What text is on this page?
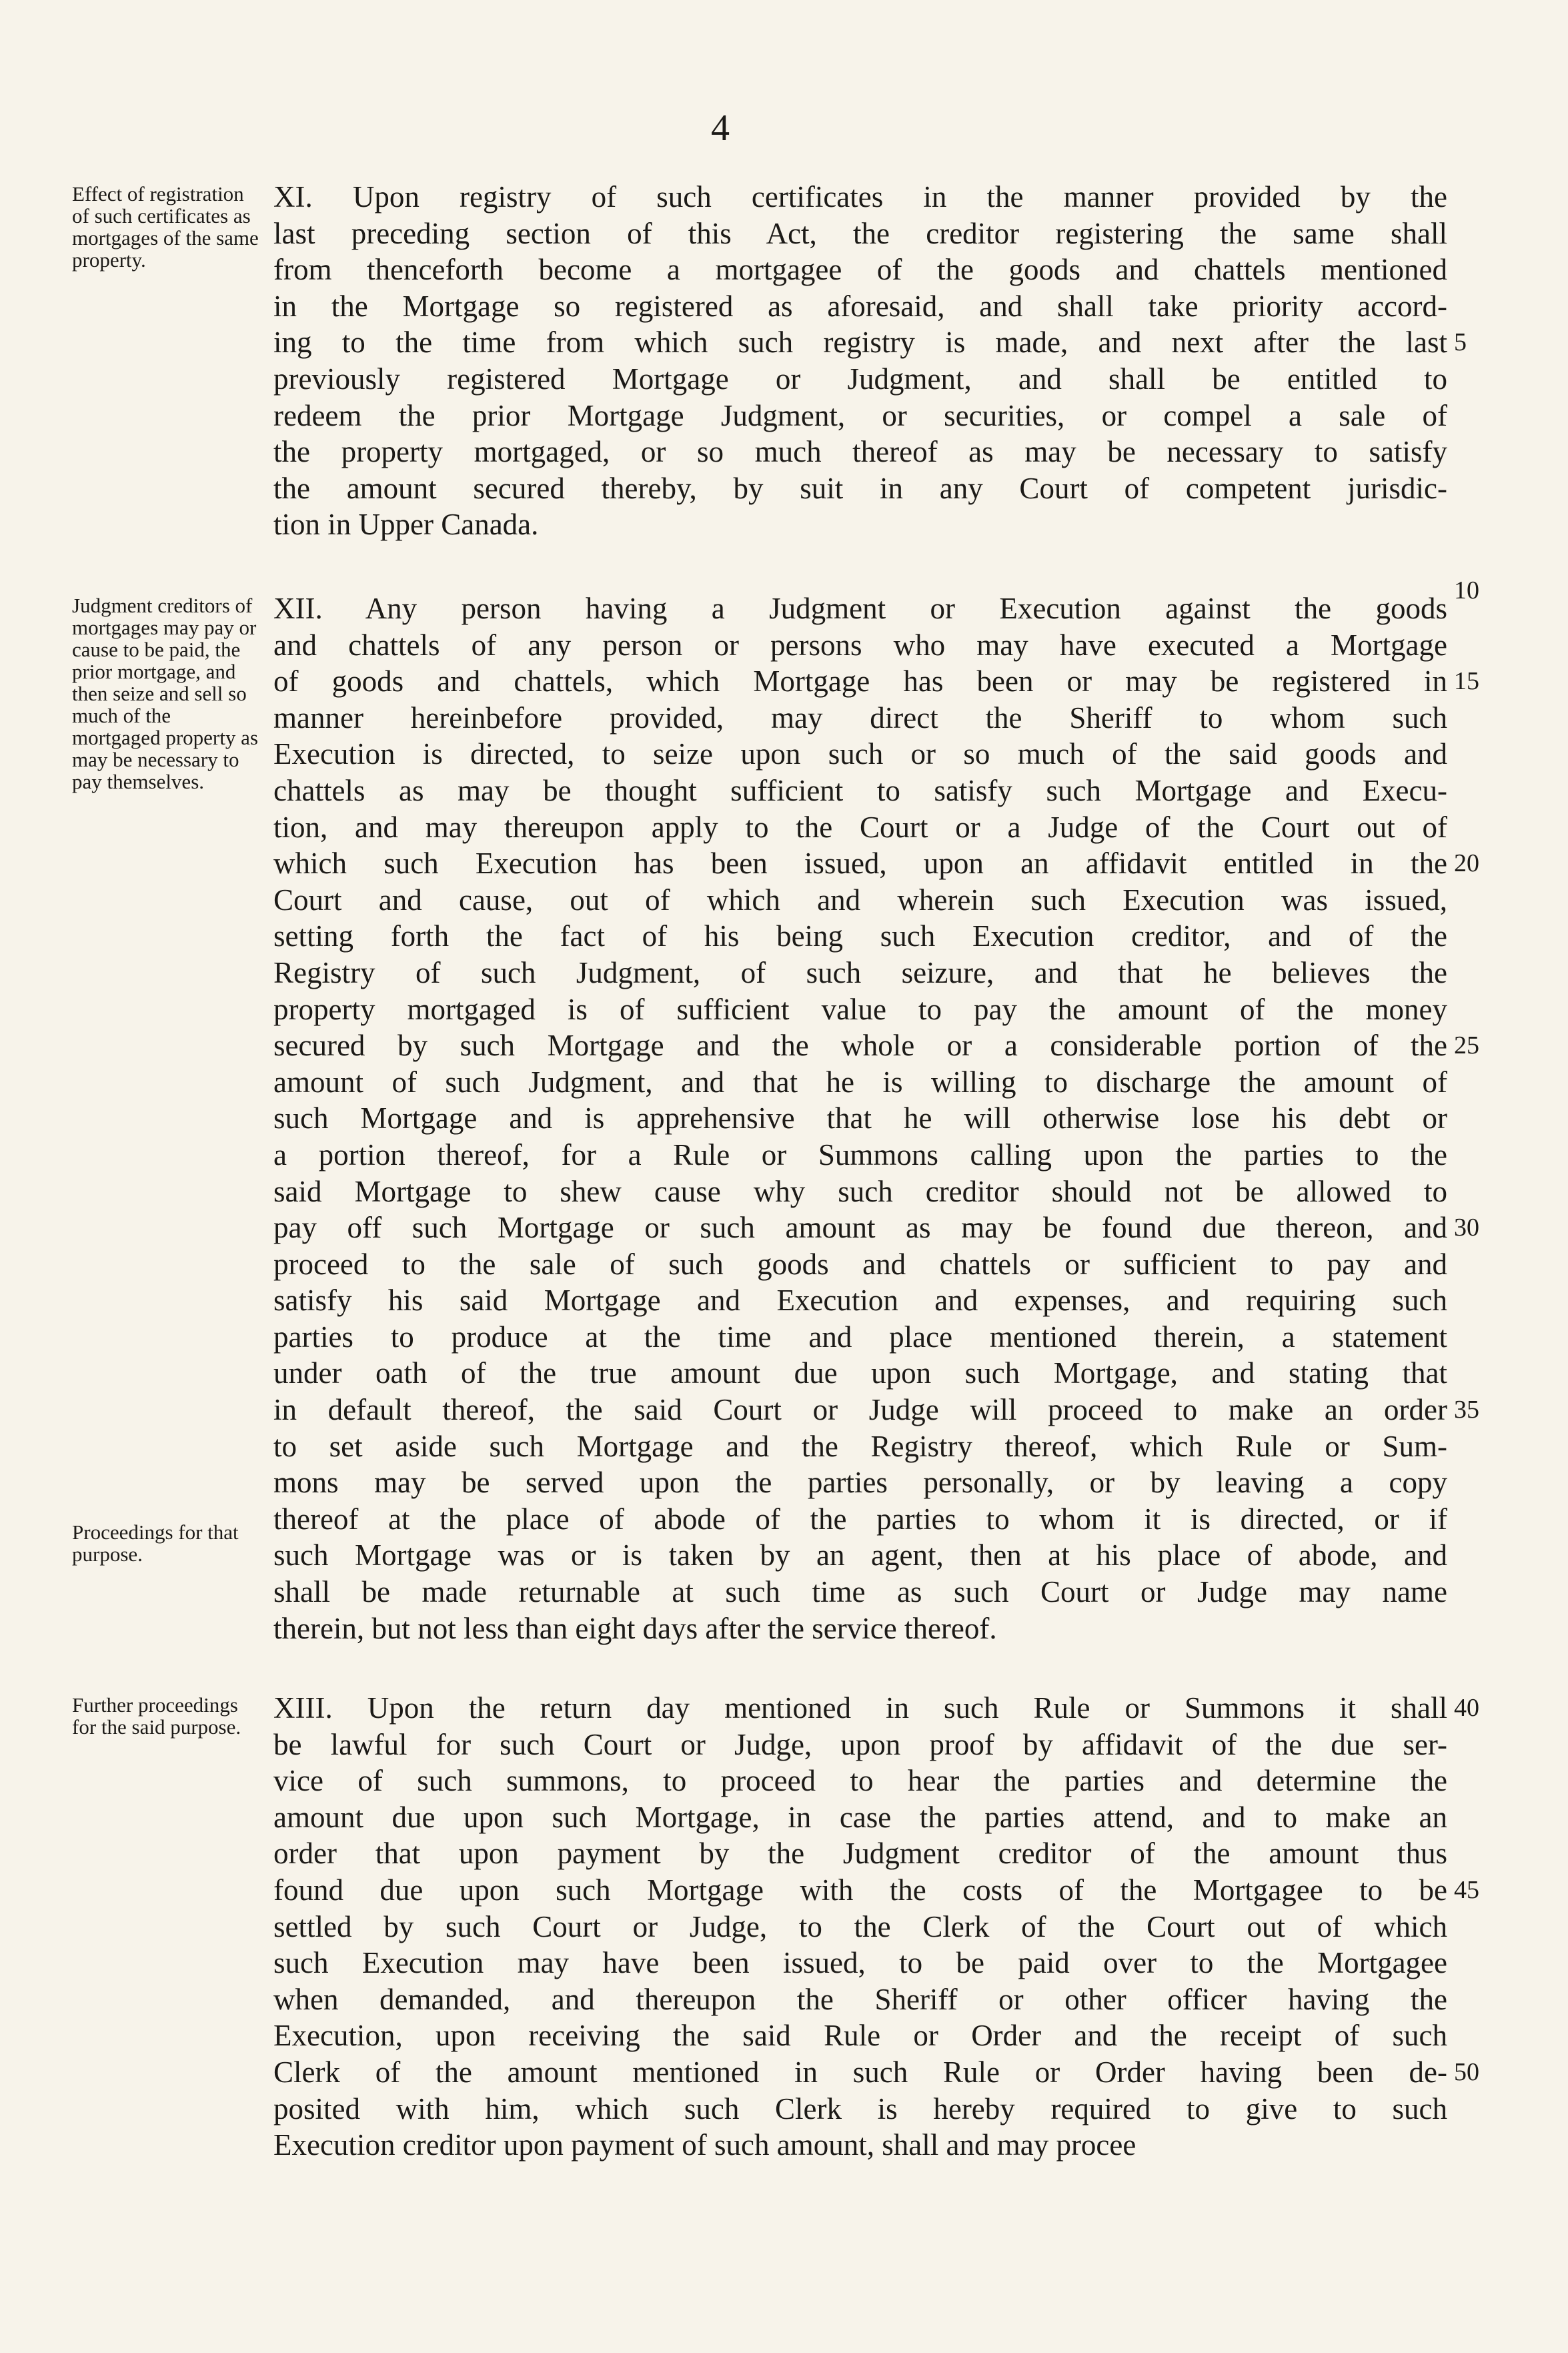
4
Effect of registration of such certificates as mortgages of the same property.
XI. Upon registry of such certificates in the manner provided by the
last preceding section of this Act, the creditor registering the same shall
from thenceforth become a mortgagee of the goods and chattels mentioned
in the Mortgage so registered as aforesaid, and shall take priority accord-
ing to the time from which such registry is made, and next after the last
previously registered Mortgage or Judgment, and shall be entitled to
redeem the prior Mortgage Judgment, or securities, or compel a sale of
the property mortgaged, or so much thereof as may be necessary to satisfy
the amount secured thereby, by suit in any Court of competent jurisdic-
tion in Upper Canada.
5
Judgment creditors of mortgages may pay or cause to be paid, the prior mortgage, and then seize and sell so much of the mortgaged property as may be necessary to pay themselves.
Proceedings for that purpose.
XII. Any person having a Judgment or Execution against the goods
and chattels of any person or persons who may have executed a Mortgage
of goods and chattels, which Mortgage has been or may be registered in
manner hereinbefore provided, may direct the Sheriff to whom such
Execution is directed, to seize upon such or so much of the said goods and
chattels as may be thought sufficient to satisfy such Mortgage and Execu-
tion, and may thereupon apply to the Court or a Judge of the Court out of
which such Execution has been issued, upon an affidavit entitled in the
Court and cause, out of which and wherein such Execution was issued,
setting forth the fact of his being such Execution creditor, and of the
Registry of such Judgment, of such seizure, and that he believes the
property mortgaged is of sufficient value to pay the amount of the money
secured by such Mortgage and the whole or a considerable portion of the
amount of such Judgment, and that he is willing to discharge the amount of
such Mortgage and is apprehensive that he will otherwise lose his debt or
a portion thereof, for a Rule or Summons calling upon the parties to the
said Mortgage to shew cause why such creditor should not be allowed to
pay off such Mortgage or such amount as may be found due thereon, and
proceed to the sale of such goods and chattels or sufficient to pay and
satisfy his said Mortgage and Execution and expenses, and requiring such
parties to produce at the time and place mentioned therein, a statement
under oath of the true amount due upon such Mortgage, and stating that
in default thereof, the said Court or Judge will proceed to make an order
to set aside such Mortgage and the Registry thereof, which Rule or Sum-
mons may be served upon the parties personally, or by leaving a copy
thereof at the place of abode of the parties to whom it is directed, or if
such Mortgage was or is taken by an agent, then at his place of abode, and
shall be made returnable at such time as such Court or Judge may name
therein, but not less than eight days after the service thereof.
10
15
20
25
30
35
Further proceedings for the said purpose.
XIII. Upon the return day mentioned in such Rule or Summons it shall
be lawful for such Court or Judge, upon proof by affidavit of the due ser-
vice of such summons, to proceed to hear the parties and determine the
amount due upon such Mortgage, in case the parties attend, and to make an
order that upon payment by the Judgment creditor of the amount thus
found due upon such Mortgage with the costs of the Mortgagee to be
settled by such Court or Judge, to the Clerk of the Court out of which
such Execution may have been issued, to be paid over to the Mortgagee
when demanded, and thereupon the Sheriff or other officer having the
Execution, upon receiving the said Rule or Order and the receipt of such
Clerk of the amount mentioned in such Rule or Order having been de-
posited with him, which such Clerk is hereby required to give to such
Execution creditor upon payment of such amount, shall and may procee
40
45
50
